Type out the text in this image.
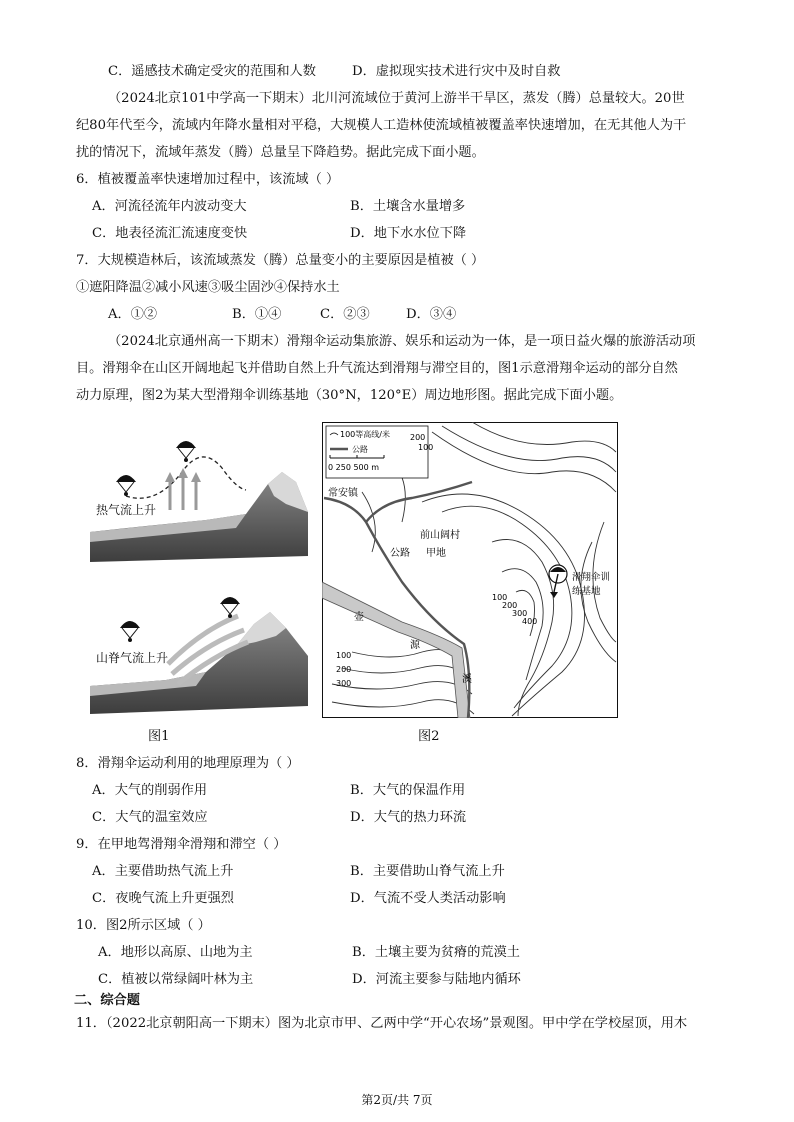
C．遥感技术确定受灾的范围和人数	D．虚拟现实技术进行灾中及时自救
（2024北京101中学高一下期末）北川河流域位于黄河上游半干旱区，蒸发（腾）总量较大。20世
纪80年代至今，流域内年降水量相对平稳，大规模人工造林使流域植被覆盖率快速增加，在无其他人为干
扰的情况下，流域年蒸发（腾）总量呈下降趋势。据此完成下面小题。
6．植被覆盖率快速增加过程中，该流域（ ）
A．河流径流年内波动变大	B．土壤含水量增多
C．地表径流汇流速度变快	D．地下水水位下降
7．大规模造林后，该流域蒸发（腾）总量变小的主要原因是植被（ ）
①遮阳降温②减小风速③吸尘固沙④保持水土
A．①②	B．①④	C．②③	D．③④
（2024北京通州高一下期末）滑翔伞运动集旅游、娱乐和运动为一体，是一项日益火爆的旅游活动项
目。滑翔伞在山区开阔地起飞并借助自然上升气流达到滑翔与滞空目的，图1示意滑翔伞运动的部分自然
动力原理，图2为某大型滑翔伞训练基地（30°N，120°E）周边地形图。据此完成下面小题。
热气流上升
山脊气流上升
图1
100等高线/米
公路
0 250 500 m
常安镇
前山阔村
甲地
公路
滑翔伞训
练基地
壶
源
溪
100
200
300
200
100
100
200
300
400
图2
8．滑翔伞运动利用的地理原理为（ ）
A．大气的削弱作用	B．大气的保温作用
C．大气的温室效应	D．大气的热力环流
9．在甲地驾滑翔伞滑翔和滞空（ ）
A．主要借助热气流上升	B．主要借助山脊气流上升
C．夜晚气流上升更强烈	D．气流不受人类活动影响
10．图2所示区域（ ）
A．地形以高原、山地为主	B．土壤主要为贫瘠的荒漠土
C．植被以常绿阔叶林为主	D．河流主要参与陆地内循环
二、综合题
11．（2022北京朝阳高一下期末）图为北京市甲、乙两中学“开心农场”景观图。甲中学在学校屋顶，用木
第2页/共 7页
